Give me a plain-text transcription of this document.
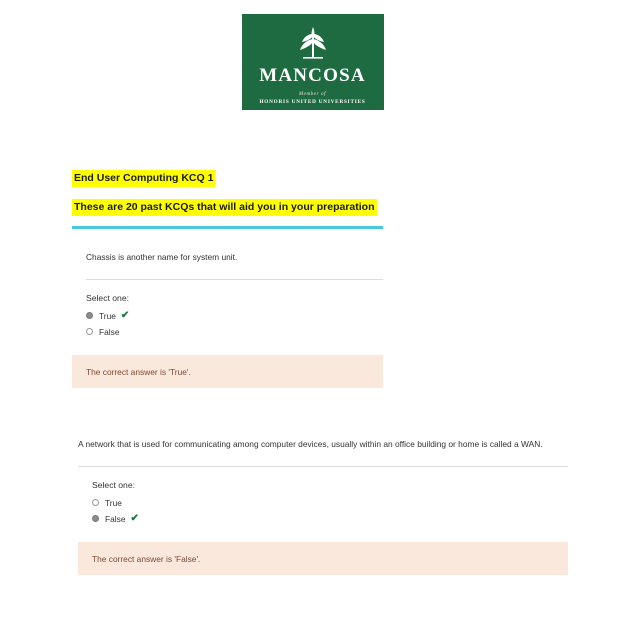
MANCOSA
Member of
HONORIS UNITED UNIVERSITIES
End User Computing KCQ 1
These are 20 past KCQs that will aid you in your preparation
Chassis is another name for system unit.
Select one:
True ✔
False
The correct answer is 'True'.
A network that is used for communicating among computer devices, usually within an office building or home is called a WAN.
Select one:
True
False ✔
The correct answer is 'False'.
